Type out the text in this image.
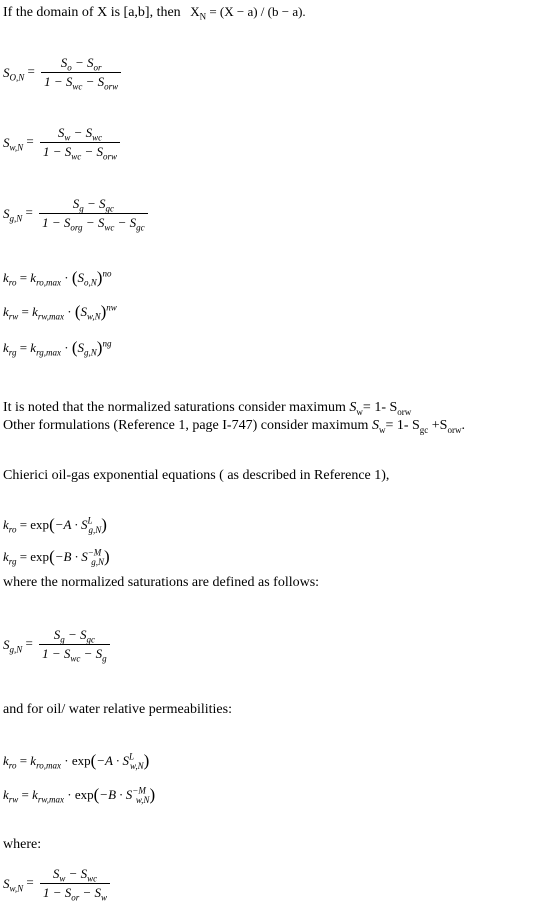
If the domain of X is [a,b], then $X_N = (X - a) / (b - a)$.
$S_{O,N} = \frac{S_o - S_{or}}{1 - S_{wc} - S_{orw}}$
$S_{w,N} = \frac{S_w - S_{wc}}{1 - S_{wc} - S_{orw}}$
$S_{g,N} = \frac{S_g - S_{gc}}{1 - S_{org} - S_{wc} - S_{gc}}$
$k_{ro} = k_{ro,max} \cdot (S_{o,N})^{no}$
$k_{rw} = k_{rw,max} \cdot (S_{w,N})^{nw}$
$k_{rg} = k_{rg,max} \cdot (S_{g,N})^{ng}$
It is noted that the normalized saturations consider maximum $S_w= 1-$ $S_{orw}$
Other formulations (Reference 1, page I-747) consider maximum $S_w= 1-$ $S_{gc} +S_{orw}$.
Chierici oil-gas exponential equations ( as described in Reference 1),
$k_{ro} = \exp(-A \cdot S^L_{g,N})$
$k_{rg} = \exp(-B \cdot S^{-M}_{g,N})$
where the normalized saturations are defined as follows:
$S_{g,N} = \frac{S_g - S_{gc}}{1 - S_{wc} - S_g}$
and for oil/ water relative permeabilities:
$k_{ro} = k_{ro,max} \cdot \exp(-A \cdot S^L_{w,N})$
$k_{rw} = k_{rw,max} \cdot \exp(-B \cdot S^{-M}_{w,N})$
where:
$S_{w,N} = \frac{S_w - S_{wc}}{1 - S_{or} - S_w}$
